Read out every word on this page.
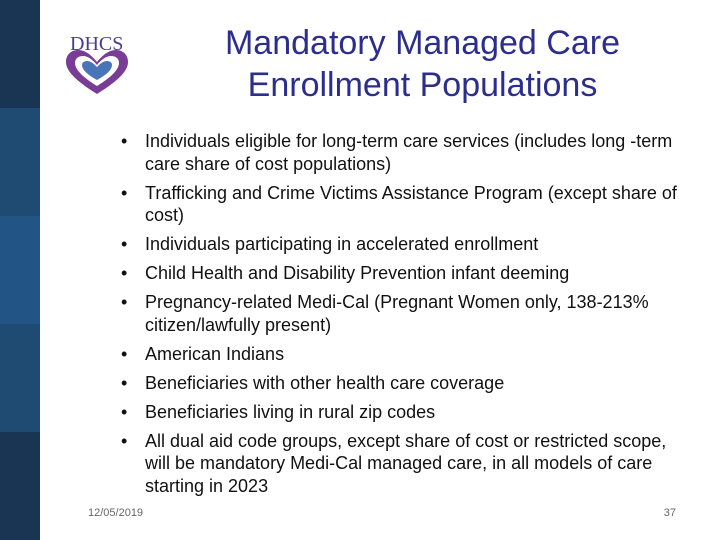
DHCS	Mandatory Managed Care
Enrollment Populations
• Individuals eligible for long-term care services (includes long -term care share of cost populations)
• Trafficking and Crime Victims Assistance Program (except share of cost)
• Individuals participating in accelerated enrollment
• Child Health and Disability Prevention infant deeming
• Pregnancy-related Medi-Cal (Pregnant Women only, 138-213% citizen/lawfully present)
• American Indians
• Beneficiaries with other health care coverage
• Beneficiaries living in rural zip codes
• All dual aid code groups, except share of cost or restricted scope, will be mandatory Medi-Cal managed care, in all models of care starting in 2023
12/05/2019	37
